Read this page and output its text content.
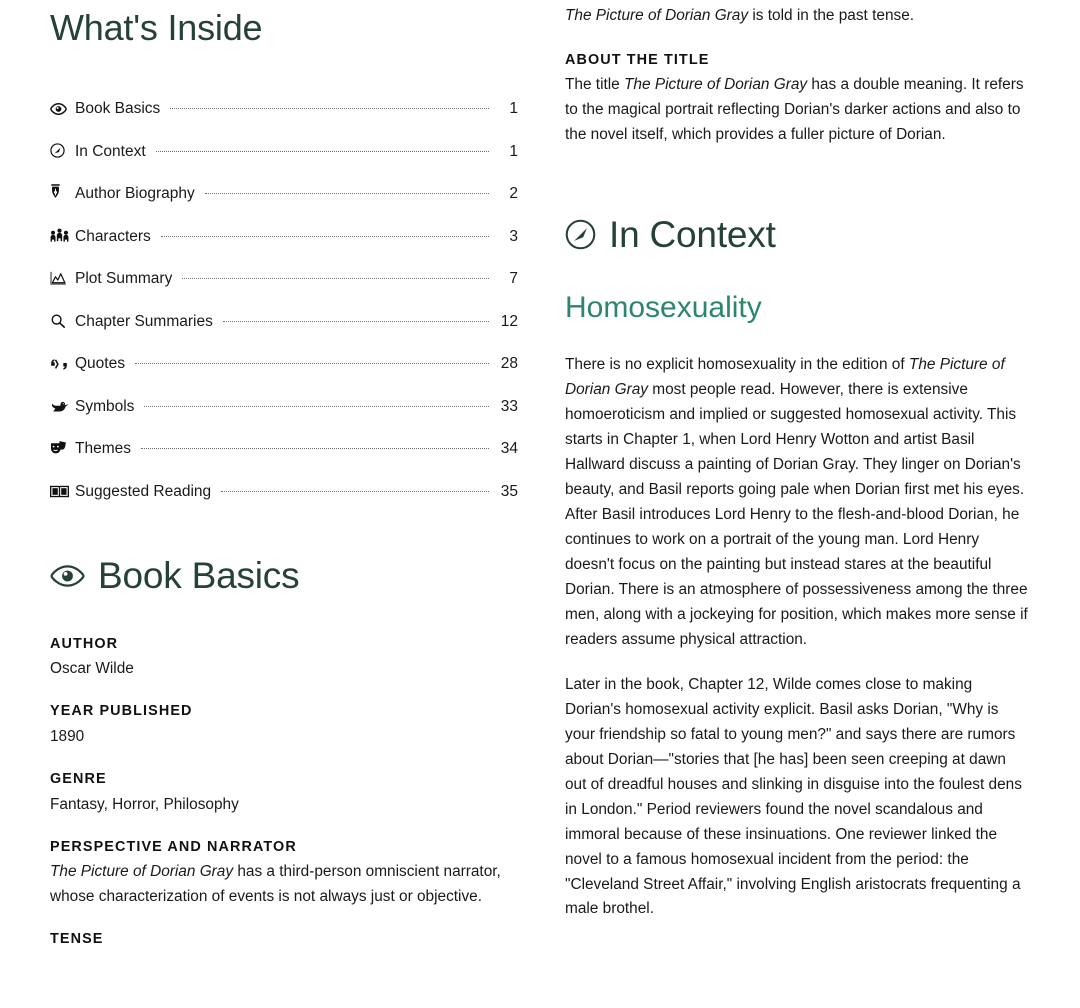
What's Inside
Book Basics	1
In Context	1
Author Biography	2
Characters	3
Plot Summary	7
Chapter Summaries	12
Quotes	28
Symbols	33
Themes	34
Suggested Reading	35
Book Basics

AUTHOR

Oscar Wilde

YEAR PUBLISHED

1890

GENRE

Fantasy, Horror, Philosophy

PERSPECTIVE AND NARRATOR

The Picture of Dorian Gray has a third-person omniscient narrator, whose characterization of events is not always just or objective.

TENSE

The Picture of Dorian Gray is told in the past tense.

ABOUT THE TITLE

The title The Picture of Dorian Gray has a double meaning. It refers to the magical portrait reflecting Dorian's darker actions and also to the novel itself, which provides a fuller picture of Dorian.

In Context
Homosexuality

There is no explicit homosexuality in the edition of The Picture of Dorian Gray most people read. However, there is extensive homoeroticism and implied or suggested homosexual activity. This starts in Chapter 1, when Lord Henry Wotton and artist Basil Hallward discuss a painting of Dorian Gray. They linger on Dorian's beauty, and Basil reports going pale when Dorian first met his eyes. After Basil introduces Lord Henry to the flesh-and-blood Dorian, he continues to work on a portrait of the young man. Lord Henry doesn't focus on the painting but instead stares at the beautiful Dorian. There is an atmosphere of possessiveness among the three men, along with a jockeying for position, which makes more sense if readers assume physical attraction.

Later in the book, Chapter 12, Wilde comes close to making Dorian's homosexual activity explicit. Basil asks Dorian, "Why is your friendship so fatal to young men?" and says there are rumors about Dorian—"stories that [he has] been seen creeping at dawn out of dreadful houses and slinking in disguise into the foulest dens in London." Period reviewers found the novel scandalous and immoral because of these insinuations. One reviewer linked the novel to a famous homosexual incident from the period: the "Cleveland Street Affair," involving English aristocrats frequenting a male brothel.
